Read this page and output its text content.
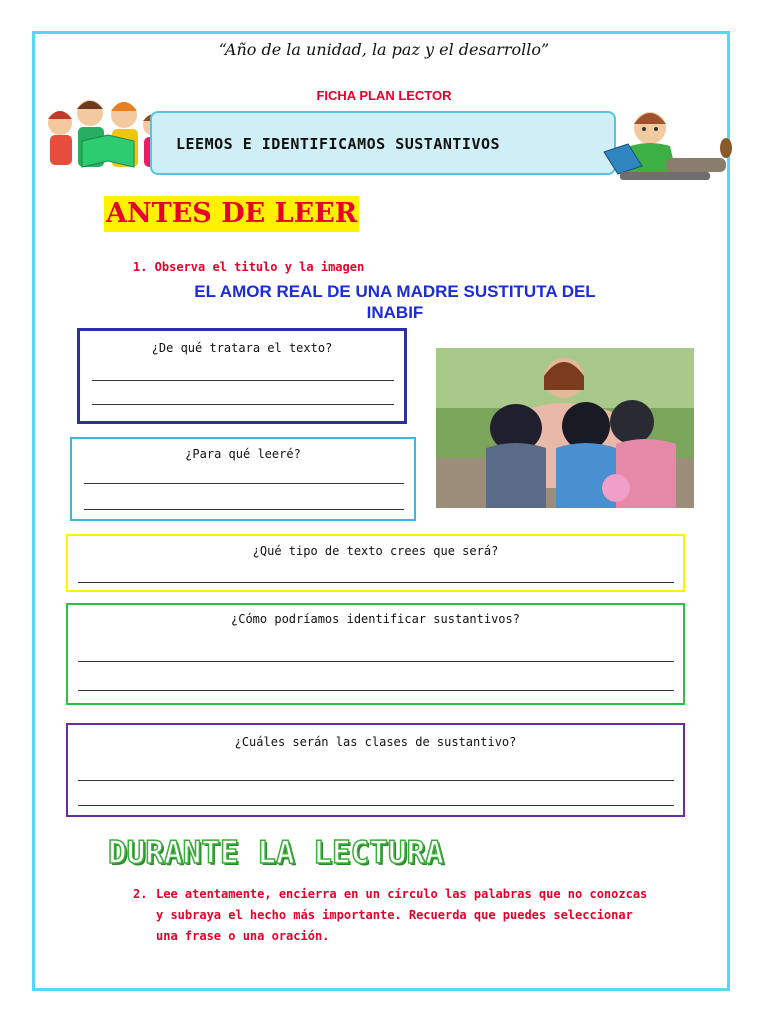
“Año de la unidad, la paz y el desarrollo”
FICHA PLAN LECTOR
LEEMOS E IDENTIFICAMOS SUSTANTIVOS
ANTES DE LEER
1. Observa el titulo y la imagen
EL AMOR REAL DE UNA MADRE SUSTITUTA DEL INABIF
¿De qué tratara el texto?
¿Para qué leeré?
¿Qué tipo de texto crees que será?
¿Cómo podríamos identificar sustantivos?
¿Cuáles serán las clases de sustantivo?
DURANTE LA LECTURA
2. Lee atentamente, encierra en un círculo las palabras que no conozcas y subraya el hecho más importante. Recuerda que puedes seleccionar una frase o una oración.
